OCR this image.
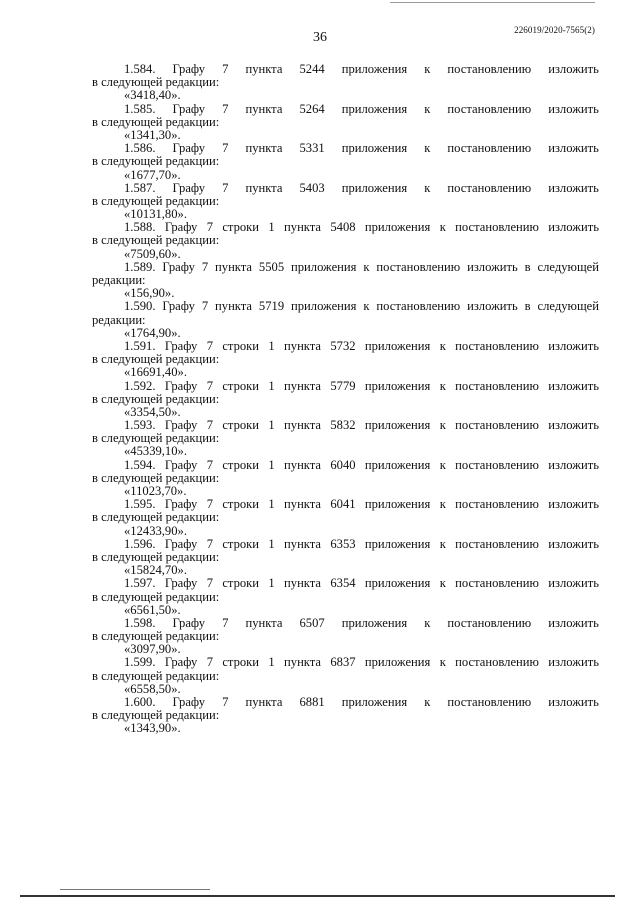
226019/2020-7565(2)
36
1.584. Графу 7 пункта 5244 приложения к постановлению изложить
в следующей редакции:
«3418,40».
1.585. Графу 7 пункта 5264 приложения к постановлению изложить
в следующей редакции:
«1341,30».
1.586. Графу 7 пункта 5331 приложения к постановлению изложить
в следующей редакции:
«1677,70».
1.587. Графу 7 пункта 5403 приложения к постановлению изложить
в следующей редакции:
«10131,80».
1.588. Графу 7 строки 1 пункта 5408 приложения к постановлению изложить
в следующей редакции:
«7509,60».
1.589. Графу 7 пункта 5505 приложения к постановлению изложить в следующей
редакции:
«156,90».
1.590. Графу 7 пункта 5719 приложения к постановлению изложить в следующей
редакции:
«1764,90».
1.591. Графу 7 строки 1 пункта 5732 приложения к постановлению изложить
в следующей редакции:
«16691,40».
1.592. Графу 7 строки 1 пункта 5779 приложения к постановлению изложить
в следующей редакции:
«3354,50».
1.593. Графу 7 строки 1 пункта 5832 приложения к постановлению изложить
в следующей редакции:
«45339,10».
1.594. Графу 7 строки 1 пункта 6040 приложения к постановлению изложить
в следующей редакции:
«11023,70».
1.595. Графу 7 строки 1 пункта 6041 приложения к постановлению изложить
в следующей редакции:
«12433,90».
1.596. Графу 7 строки 1 пункта 6353 приложения к постановлению изложить
в следующей редакции:
«15824,70».
1.597. Графу 7 строки 1 пункта 6354 приложения к постановлению изложить
в следующей редакции:
«6561,50».
1.598. Графу 7 пункта 6507 приложения к постановлению изложить
в следующей редакции:
«3097,90».
1.599. Графу 7 строки 1 пункта 6837 приложения к постановлению изложить
в следующей редакции:
«6558,50».
1.600. Графу 7 пункта 6881 приложения к постановлению изложить
в следующей редакции:
«1343,90».
